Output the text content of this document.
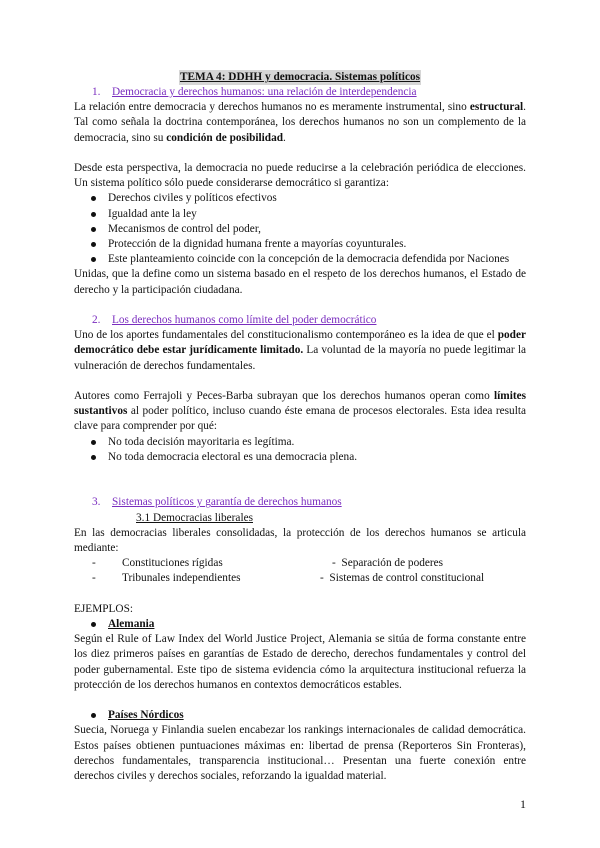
TEMA 4: DDHH y democracia. Sistemas políticos
1. Democracia y derechos humanos: una relación de interdependencia

La relación entre democracia y derechos humanos no es meramente instrumental, sino estructural. Tal como señala la doctrina contemporánea, los derechos humanos no son un complemento de la democracia, sino su condición de posibilidad.

Desde esta perspectiva, la democracia no puede reducirse a la celebración periódica de elecciones. Un sistema político sólo puede considerarse democrático si garantiza:

Derechos civiles y políticos efectivos
Igualdad ante la ley
Mecanismos de control del poder,
Protección de la dignidad humana frente a mayorías coyunturales.
Este planteamiento coincide con la concepción de la democracia defendida por Naciones

Unidas, que la define como un sistema basado en el respeto de los derechos humanos, el Estado de derecho y la participación ciudadana.

2. Los derechos humanos como límite del poder democrático

Uno de los aportes fundamentales del constitucionalismo contemporáneo es la idea de que el poder democrático debe estar jurídicamente limitado. La voluntad de la mayoría no puede legitimar la vulneración de derechos fundamentales.

Autores como Ferrajoli y Peces-Barba subrayan que los derechos humanos operan como límites sustantivos al poder político, incluso cuando éste emana de procesos electorales. Esta idea resulta clave para comprender por qué:

No toda decisión mayoritaria es legítima.
No toda democracia electoral es una democracia plena.
3. Sistemas políticos y garantía de derechos humanos
3.1 Democracias liberales

En las democracias liberales consolidadas, la protección de los derechos humanos se articula mediante:

- Constituciones rígidas	- Separación de poderes
- Tribunales independientes	- Sistemas de control constitucional
EJEMPLOS:
Alemania

Según el Rule of Law Index del World Justice Project, Alemania se sitúa de forma constante entre los diez primeros países en garantías de Estado de derecho, derechos fundamentales y control del poder gubernamental. Este tipo de sistema evidencia cómo la arquitectura institucional refuerza la protección de los derechos humanos en contextos democráticos estables.

Países Nórdicos

Suecia, Noruega y Finlandia suelen encabezar los rankings internacionales de calidad democrática. Estos países obtienen puntuaciones máximas en: libertad de prensa (Reporteros Sin Fronteras), derechos fundamentales, transparencia institucional… Presentan una fuerte conexión entre derechos civiles y derechos sociales, reforzando la igualdad material.

1
